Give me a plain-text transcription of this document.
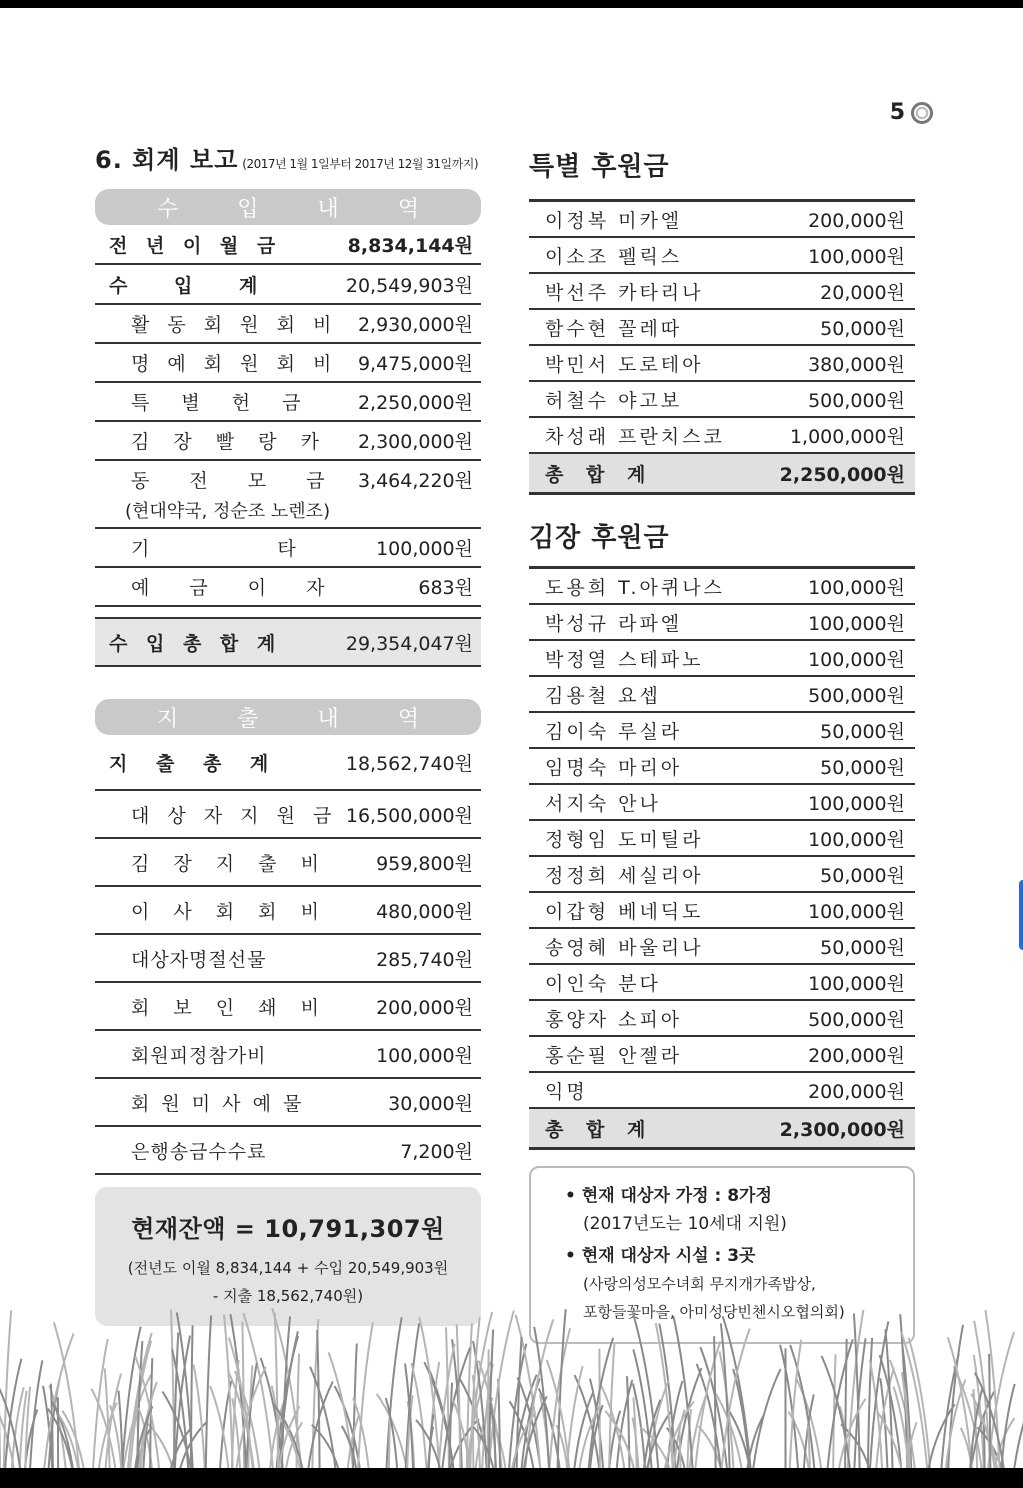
5
6. 회계 보고 (2017년 1월 1일부터 2017년 12월 31일까지)
수 입 내 역
전 년 이 월 금	8,834,144원
수 입 계	20,549,903원
활 동 회 원 회 비 2,930,000원
명 예 회 원 회 비 9,475,000원
특 별 헌 금	2,250,000원
김 장 빨 랑 카 2,300,000원
동 전 모 금 3,464,220원
(현대약국, 정순조 노렌조)
기 타	100,000원
예 금 이 자	683원
수 입 총 합 계	29,354,047원
지 출 내 역
지 출 총 계	18,562,740원
대 상 자 지 원 금 16,500,000원
김 장 지 출 비	959,800원
이 사 회 회 비	480,000원
대상자명절선물	285,740원
회 보 인 쇄 비	200,000원
회원피정참가비	100,000원
회 원 미 사 예 물	30,000원
은행송금수수료	7,200원
현재잔액 = 10,791,307원
(전년도 이월 8,834,144 + 수입 20,549,903원
- 지출 18,562,740원)
특별 후원금
이정복 미카엘	200,000원
이소조 펠릭스	100,000원
박선주 카타리나	20,000원
함수현 꼴레따	50,000원
박민서 도로테아	380,000원
허철수 야고보	500,000원
차성래 프란치스코	1,000,000원
총 합 계	2,250,000원
김장 후원금
도용희 T.아퀴나스	100,000원
박성규 라파엘	100,000원
박정열 스테파노	100,000원
김용철 요셉	500,000원
김이숙 루실라	50,000원
임명숙 마리아	50,000원
서지숙 안나	100,000원
정형임 도미틸라	100,000원
정정희 세실리아	50,000원
이갑형 베네딕도	100,000원
송영혜 바울리나	50,000원
이인숙 분다	100,000원
홍양자 소피아	500,000원
홍순필 안젤라	200,000원
익명	200,000원
총 합 계	2,300,000원
• 현재 대상자 가정 : 8가정
(2017년도는 10세대 지원)
• 현재 대상자 시설 : 3곳
(사랑의성모수녀회 무지개가족밥상,
포항들꽃마을, 아미성당빈첸시오협의회)
